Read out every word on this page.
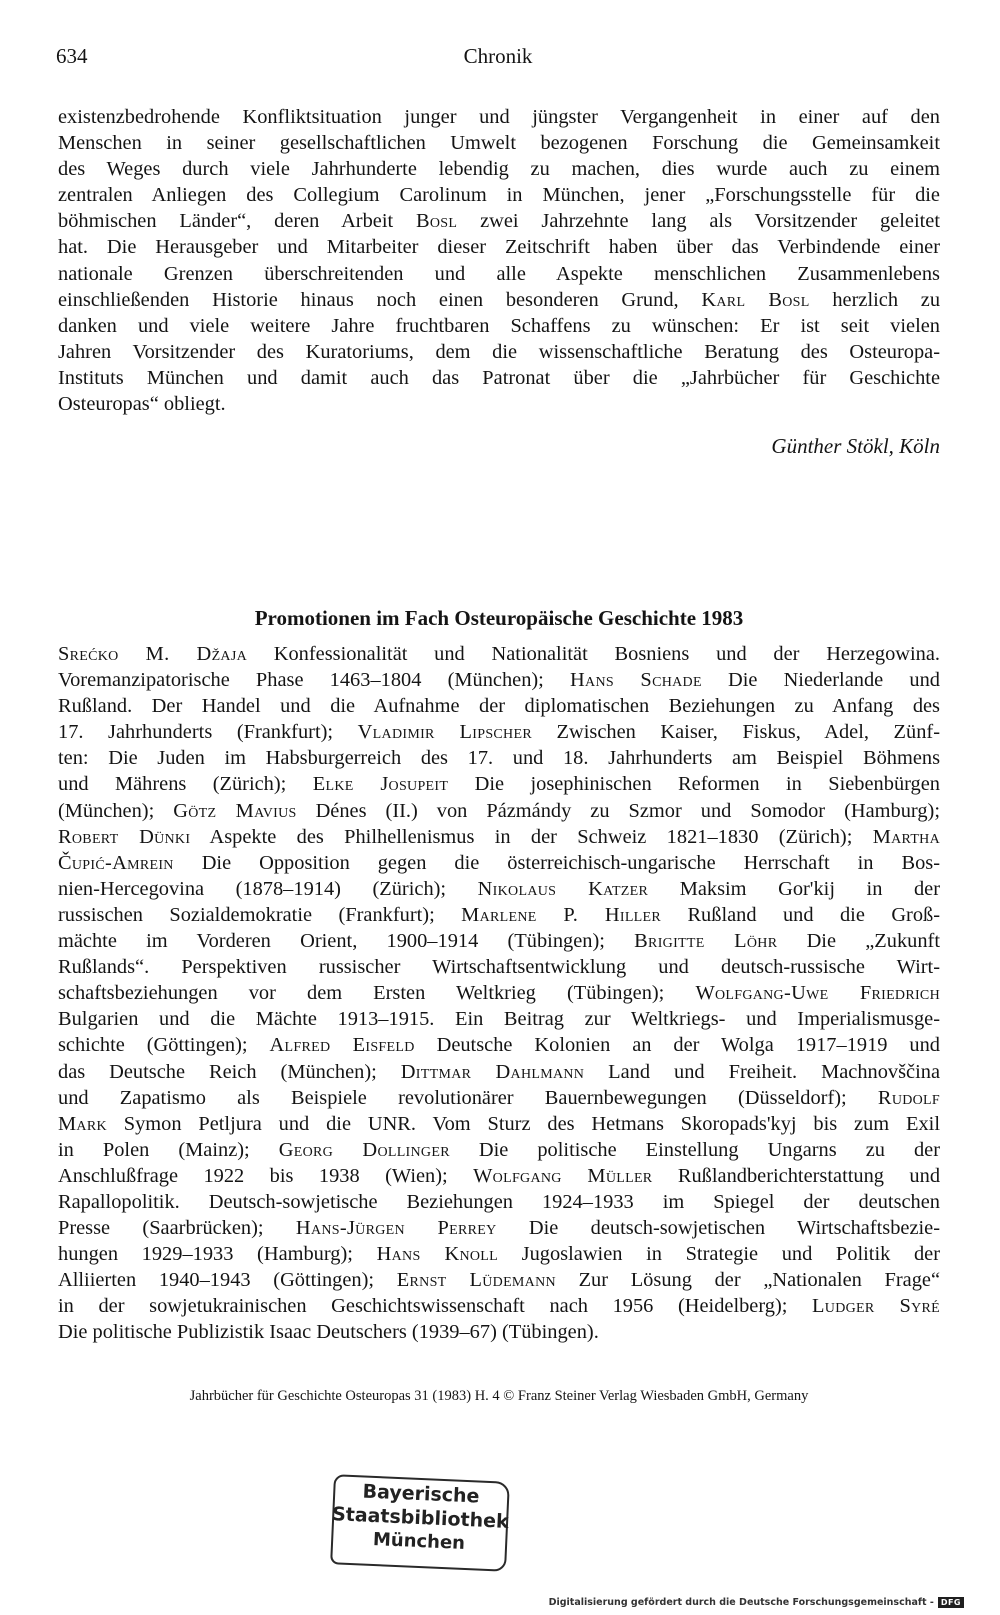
634	Chronik
existenzbedrohende Konfliktsituation junger und jüngster Vergangenheit in einer auf den
Menschen in seiner gesellschaftlichen Umwelt bezogenen Forschung die Gemeinsamkeit
des Weges durch viele Jahrhunderte lebendig zu machen, dies wurde auch zu einem
zentralen Anliegen des Collegium Carolinum in München, jener „Forschungsstelle für die
böhmischen Länder“, deren Arbeit Bosl zwei Jahrzehnte lang als Vorsitzender geleitet
hat. Die Herausgeber und Mitarbeiter dieser Zeitschrift haben über das Verbindende einer
nationale Grenzen überschreitenden und alle Aspekte menschlichen Zusammenlebens
einschließenden Historie hinaus noch einen besonderen Grund, Karl Bosl herzlich zu
danken und viele weitere Jahre fruchtbaren Schaffens zu wünschen: Er ist seit vielen
Jahren Vorsitzender des Kuratoriums, dem die wissenschaftliche Beratung des Osteuropa-
Instituts München und damit auch das Patronat über die „Jahrbücher für Geschichte
Osteuropas“ obliegt.
Günther Stökl, Köln
Promotionen im Fach Osteuropäische Geschichte 1983
Srećko M. Džaja Konfessionalität und Nationalität Bosniens und der Herzegowina.
Voremanzipatorische Phase 1463–1804 (München); Hans Schade Die Niederlande und
Rußland. Der Handel und die Aufnahme der diplomatischen Beziehungen zu Anfang des
17. Jahrhunderts (Frankfurt); Vladimir Lipscher Zwischen Kaiser, Fiskus, Adel, Zünf-
ten: Die Juden im Habsburgerreich des 17. und 18. Jahrhunderts am Beispiel Böhmens
und Mährens (Zürich); Elke Josupeit Die josephinischen Reformen in Siebenbürgen
(München); Götz Mavius Dénes (II.) von Pázmándy zu Szmor und Somodor (Hamburg);
Robert Dünki Aspekte des Philhellenismus in der Schweiz 1821–1830 (Zürich); Martha
Čupić-Amrein Die Opposition gegen die österreichisch-ungarische Herrschaft in Bos-
nien-Hercegovina (1878–1914) (Zürich); Nikolaus Katzer Maksim Gor'kij in der
russischen Sozialdemokratie (Frankfurt); Marlene P. Hiller Rußland und die Groß-
mächte im Vorderen Orient, 1900–1914 (Tübingen); Brigitte Löhr Die „Zukunft
Rußlands“. Perspektiven russischer Wirtschaftsentwicklung und deutsch-russische Wirt-
schaftsbeziehungen vor dem Ersten Weltkrieg (Tübingen); Wolfgang-Uwe Friedrich
Bulgarien und die Mächte 1913–1915. Ein Beitrag zur Weltkriegs- und Imperialismusge-
schichte (Göttingen); Alfred Eisfeld Deutsche Kolonien an der Wolga 1917–1919 und
das Deutsche Reich (München); Dittmar Dahlmann Land und Freiheit. Machnovščina
und Zapatismo als Beispiele revolutionärer Bauernbewegungen (Düsseldorf); Rudolf
Mark Symon Petljura und die UNR. Vom Sturz des Hetmans Skoropads'kyj bis zum Exil
in Polen (Mainz); Georg Dollinger Die politische Einstellung Ungarns zu der
Anschlußfrage 1922 bis 1938 (Wien); Wolfgang Müller Rußlandberichterstattung und
Rapallopolitik. Deutsch-sowjetische Beziehungen 1924–1933 im Spiegel der deutschen
Presse (Saarbrücken); Hans-Jürgen Perrey Die deutsch-sowjetischen Wirtschaftsbezie-
hungen 1929–1933 (Hamburg); Hans Knoll Jugoslawien in Strategie und Politik der
Alliierten 1940–1943 (Göttingen); Ernst Lüdemann Zur Lösung der „Nationalen Frage“
in der sowjetukrainischen Geschichtswissenschaft nach 1956 (Heidelberg); Ludger Syré
Die politische Publizistik Isaac Deutschers (1939–67) (Tübingen).
Jahrbücher für Geschichte Osteuropas 31 (1983) H. 4 © Franz Steiner Verlag Wiesbaden GmbH, Germany
Bayerische
Staatsbibliothek
München
Digitalisierung gefördert durch die Deutsche Forschungsgemeinschaft - DFG
